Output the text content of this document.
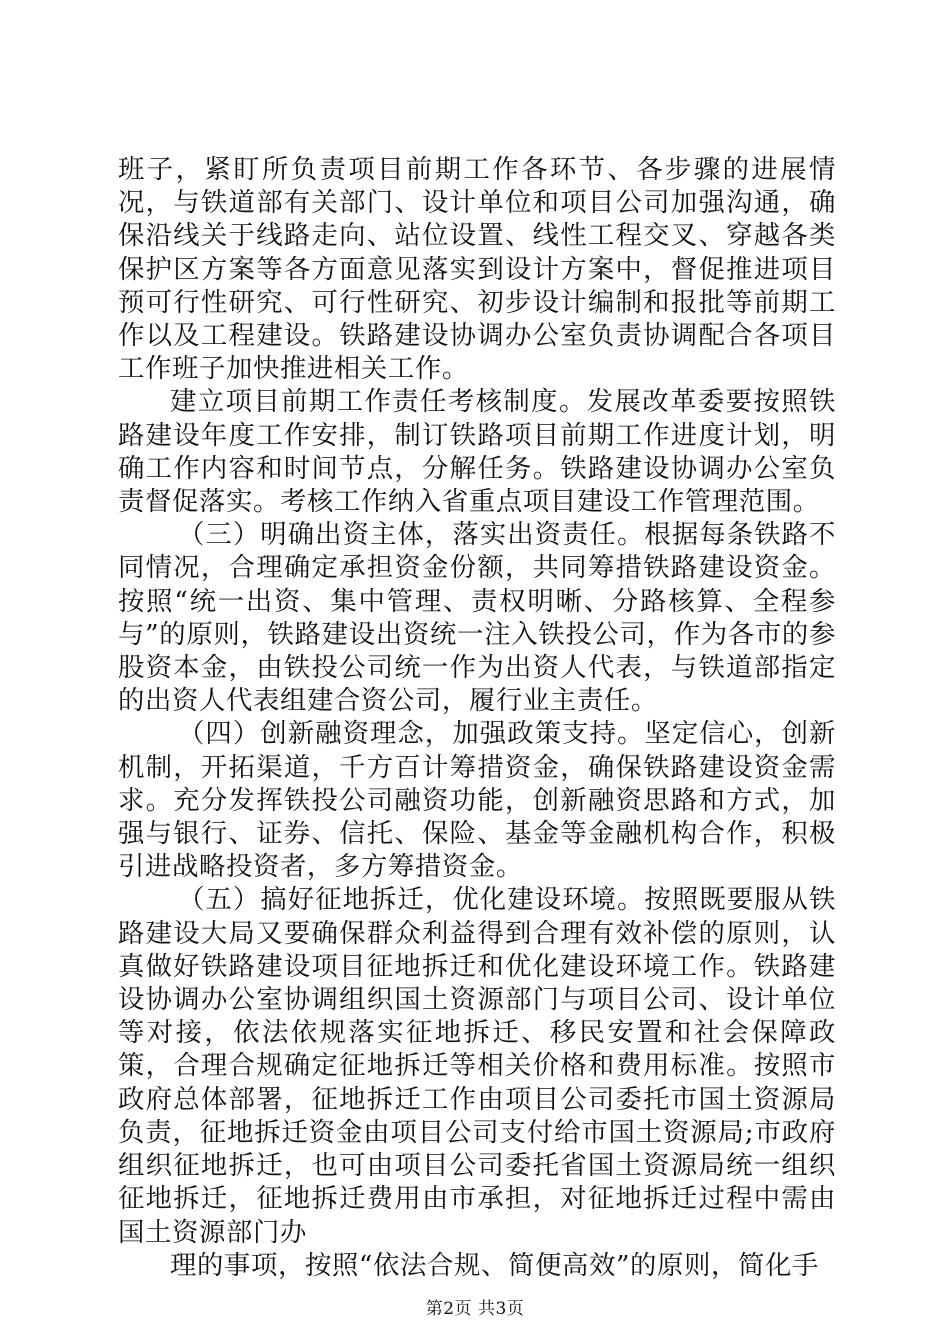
班子，紧盯所负责项目前期工作各环节、各步骤的进展情况，与铁道部有关部门、设计单位和项目公司加强沟通，确保沿线关于线路走向、站位设置、线性工程交叉、穿越各类保护区方案等各方面意见落实到设计方案中，督促推进项目预可行性研究、可行性研究、初步设计编制和报批等前期工作以及工程建设。铁路建设协调办公室负责协调配合各项目工作班子加快推进相关工作。

建立项目前期工作责任考核制度。发展改革委要按照铁路建设年度工作安排，制订铁路项目前期工作进度计划，明确工作内容和时间节点，分解任务。铁路建设协调办公室负责督促落实。考核工作纳入省重点项目建设工作管理范围。

（三）明确出资主体，落实出资责任。根据每条铁路不同情况，合理确定承担资金份额，共同筹措铁路建设资金。按照“统一出资、集中管理、责权明晰、分路核算、全程参与”的原则，铁路建设出资统一注入铁投公司，作为各市的参股资本金，由铁投公司统一作为出资人代表，与铁道部指定的出资人代表组建合资公司，履行业主责任。

（四）创新融资理念，加强政策支持。坚定信心，创新机制，开拓渠道，千方百计筹措资金，确保铁路建设资金需求。充分发挥铁投公司融资功能，创新融资思路和方式，加强与银行、证券、信托、保险、基金等金融机构合作，积极引进战略投资者，多方筹措资金。

（五）搞好征地拆迁，优化建设环境。按照既要服从铁路建设大局又要确保群众利益得到合理有效补偿的原则，认真做好铁路建设项目征地拆迁和优化建设环境工作。铁路建设协调办公室协调组织国土资源部门与项目公司、设计单位等对接，依法依规落实征地拆迁、移民安置和社会保障政策，合理合规确定征地拆迁等相关价格和费用标准。按照市政府总体部署，征地拆迁工作由项目公司委托市国土资源局负责，征地拆迁资金由项目公司支付给市国土资源局;市政府组织征地拆迁，也可由项目公司委托省国土资源局统一组织征地拆迁，征地拆迁费用由市承担，对征地拆迁过程中需由国土资源部门办

理的事项，按照“依法合规、简便高效”的原则，简化手

第2页 共3页
